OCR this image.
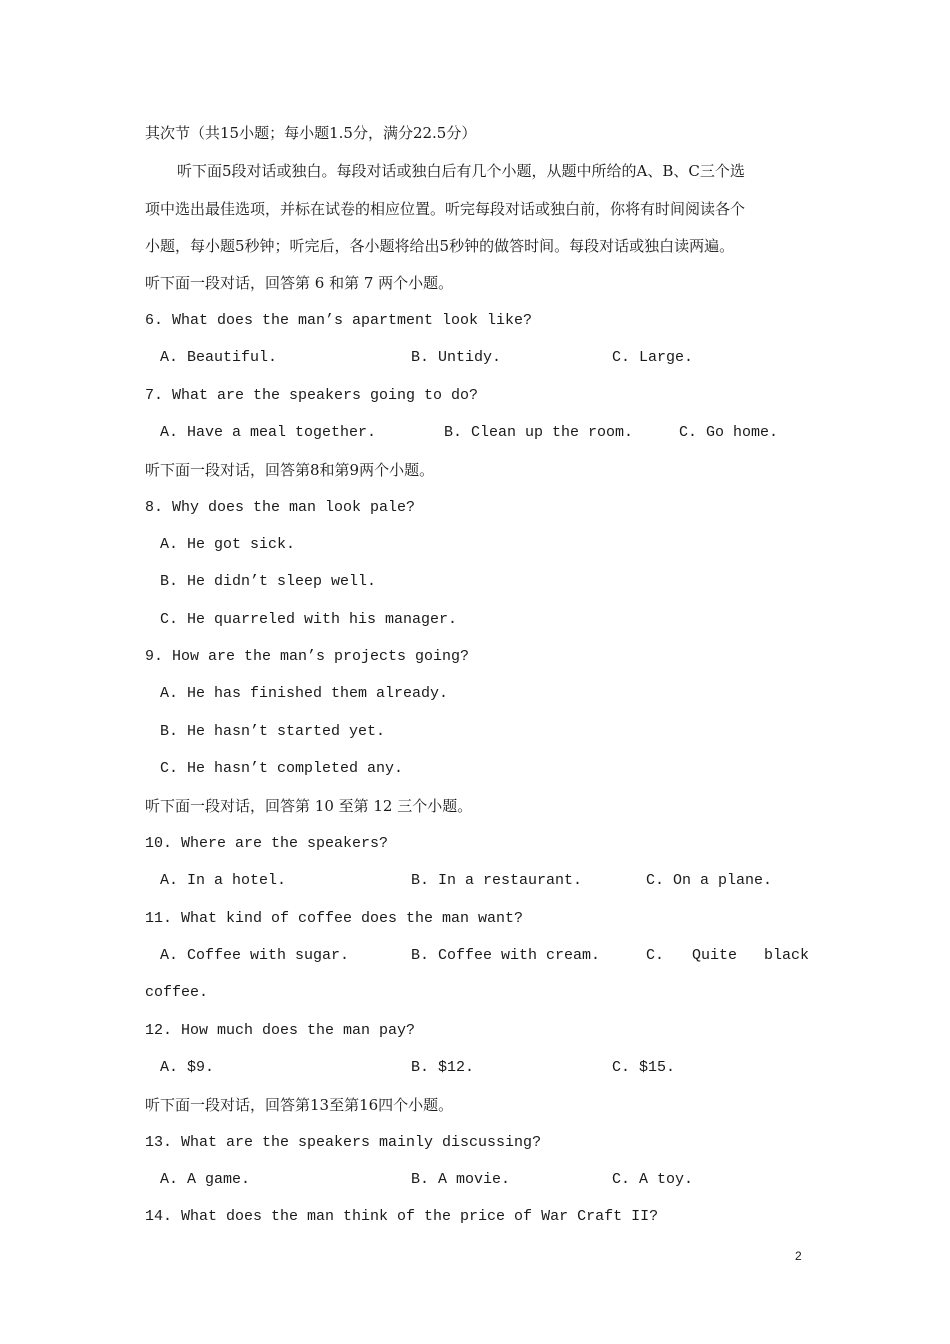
其次节（共15小题；每小题1.5分，满分22.5分）
听下面5段对话或独白。每段对话或独白后有几个小题，从题中所给的A、B、C三个选
项中选出最佳选项，并标在试卷的相应位置。听完每段对话或独白前，你将有时间阅读各个
小题，每小题5秒钟；听完后，各小题将给出5秒钟的做答时间。每段对话或独白读两遍。
听下面一段对话，回答第 6 和第 7 两个小题。
6. What does the man’s apartment look like?
A. Beautiful.	B. Untidy.	C. Large.
7. What are the speakers going to do?
A. Have a meal together.	B. Clean up the room.	C. Go home.
听下面一段对话，回答第8和第9两个小题。
8. Why does the man look pale?
A. He got sick.
B. He didn’t sleep well.
C. He quarreled with his manager.
9. How are the man’s projects going?
A. He has finished them already.
B. He hasn’t started yet.
C. He hasn’t completed any.
听下面一段对话，回答第 10 至第 12 三个小题。
10. Where are the speakers?
A. In a hotel.	B. In a restaurant.	C. On a plane.
11. What kind of coffee does the man want?
A. Coffee with sugar.	B. Coffee with cream.	C. Quite black
coffee.
12. How much does the man pay?
A. $9.	B. $12.	C. $15.
听下面一段对话，回答第13至第16四个小题。
13. What are the speakers mainly discussing?
A. A game.	B. A movie.	C. A toy.
14. What does the man think of the price of War Craft II?
2
